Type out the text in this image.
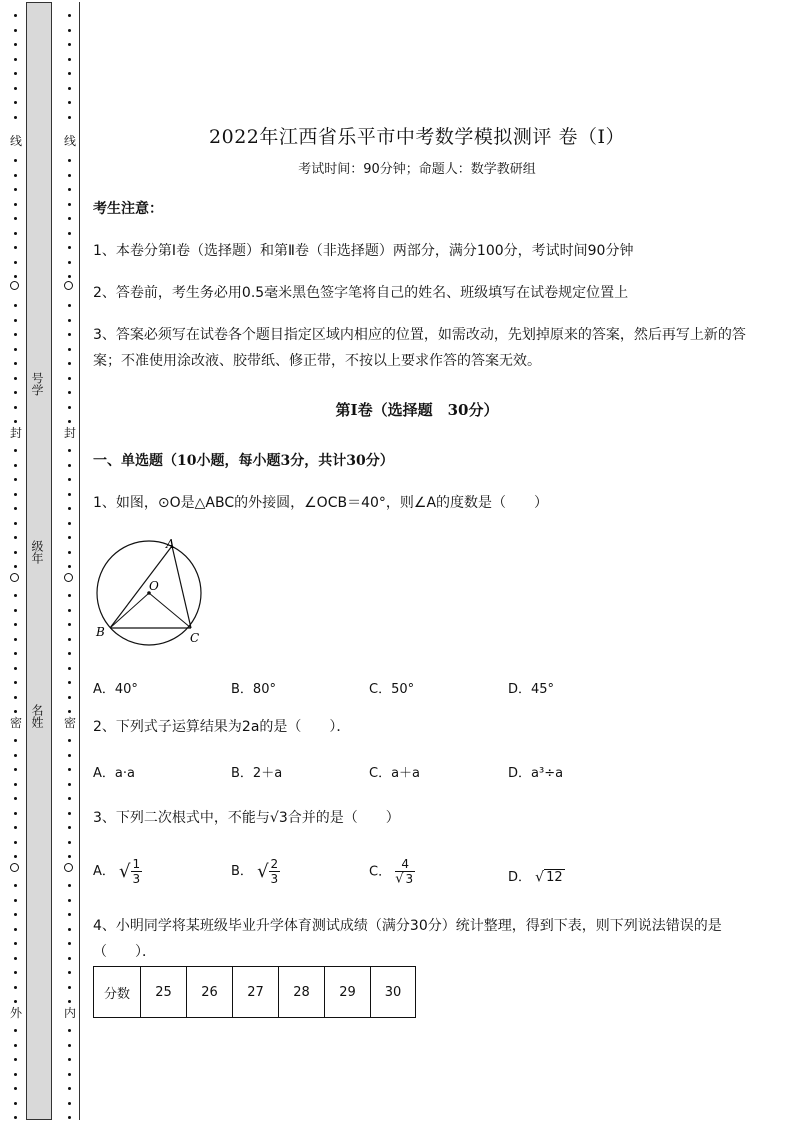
线
封
密
外
线
封
密
内
号学
级年
名姓
2022年江西省乐平市中考数学模拟测评 卷（Ⅰ）
考试时间：90分钟；命题人：数学教研组
考生注意：
1、本卷分第Ⅰ卷（选择题）和第Ⅱ卷（非选择题）两部分，满分100分，考试时间90分钟
2、答卷前，考生务必用0.5毫米黑色签字笔将自己的姓名、班级填写在试卷规定位置上
3、答案必须写在试卷各个题目指定区域内相应的位置，如需改动，先划掉原来的答案，然后再写上新的答案；不准使用涂改液、胶带纸、修正带，不按以上要求作答的答案无效。
第Ⅰ卷（选择题　30分）
一、单选题（10小题，每小题3分，共计30分）
1、如图，⊙O是△ABC的外接圆，∠OCB＝40°，则∠A的度数是（　　）
A
O
B	C
A．40°	B．80°	C．50°	D．45°
2、下列式子运算结果为2a的是（　　）．
A．a·a	B．2＋a	C．a＋a	D．a³÷a
3、下列二次根式中，不能与√3合并的是（　　）
A． √ $\frac{1}{3}$	B． √ $\frac{2}{3}$	C． $\frac{4}{√ 3}$	D． √ 12
4、小明同学将某班级毕业升学体育测试成绩（满分30分）统计整理，得到下表，则下列说法错误的是（　　）．
分数	25	26	27	28	29	30
